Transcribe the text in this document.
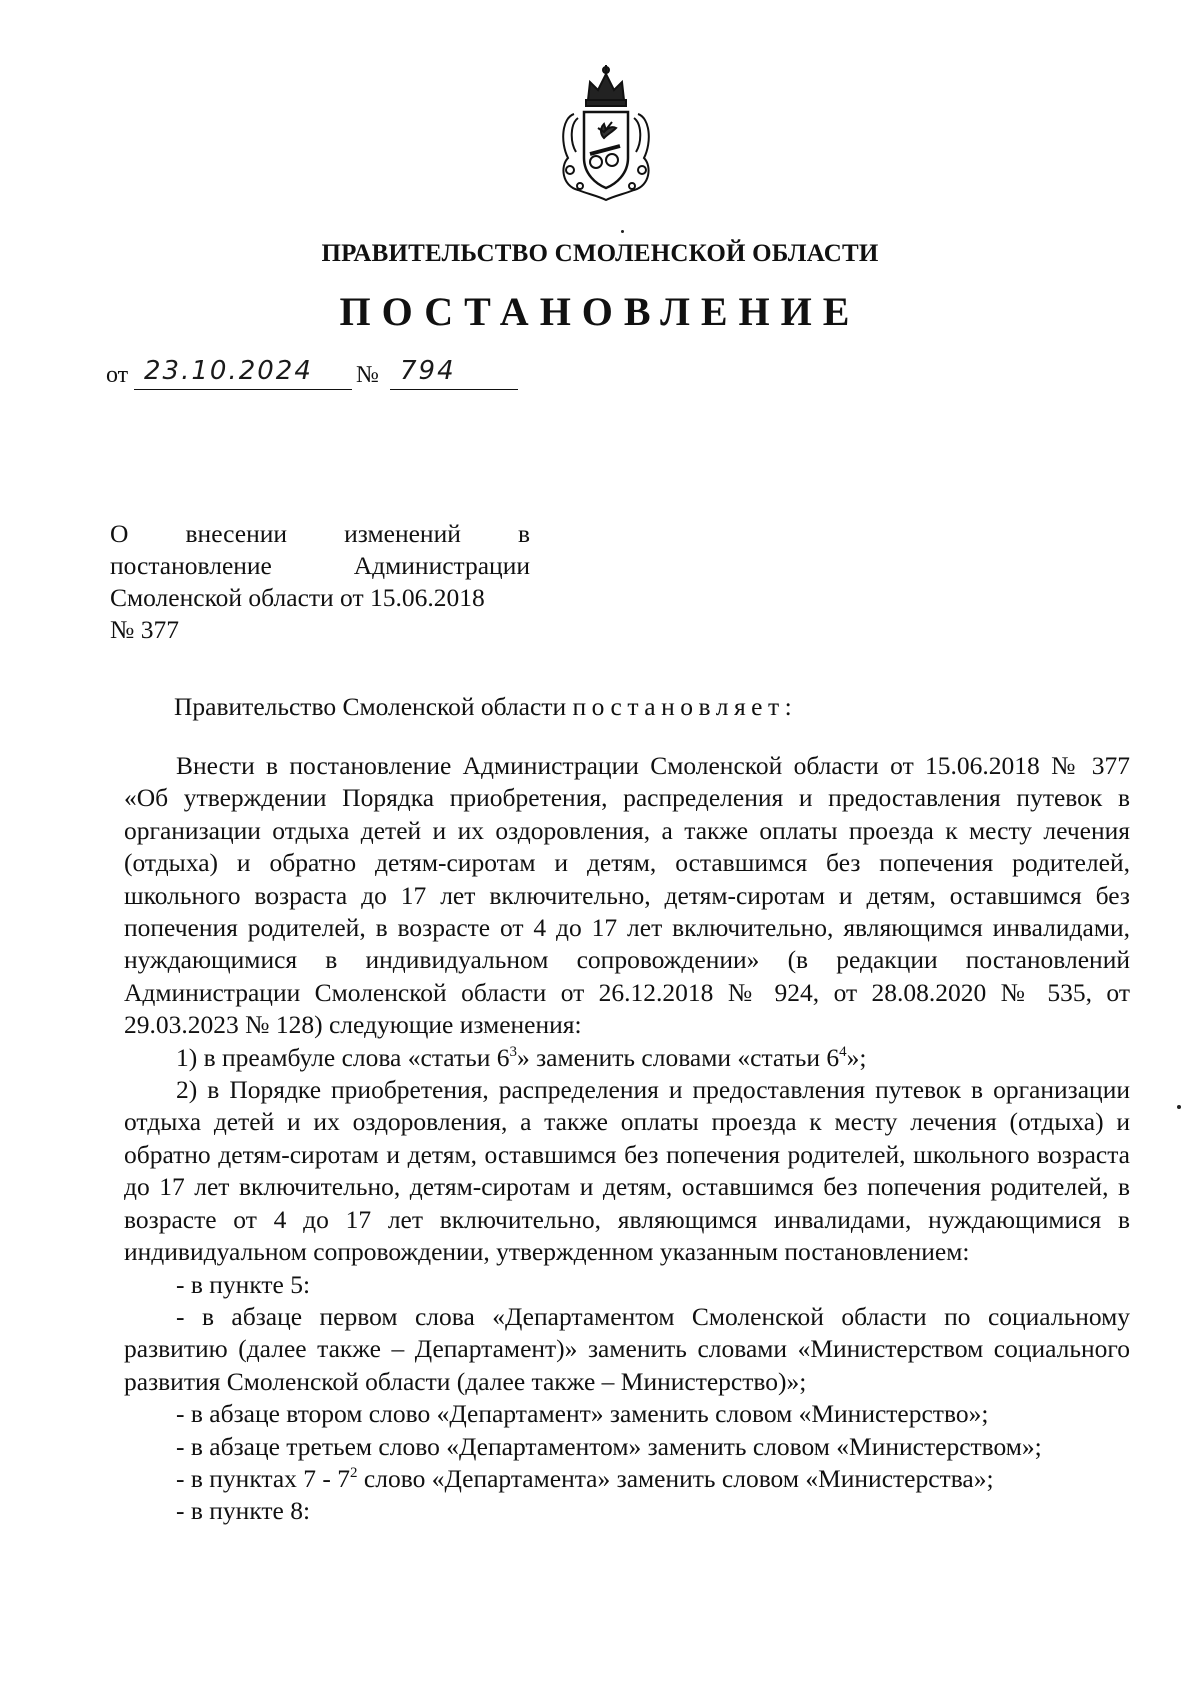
ПРАВИТЕЛЬСТВО СМОЛЕНСКОЙ ОБЛАСТИ
ПОСТАНОВЛЕНИЕ
от 23.10.2024 № 794
О внесении изменений в
постановление	Администрации
Смоленской области от 15.06.2018
№ 377
Правительство Смоленской области постановляет:

Внести в постановление Администрации Смоленской области от 15.06.2018 № 377 «Об утверждении Порядка приобретения, распределения и предоставления путевок в организации отдыха детей и их оздоровления, а также оплаты проезда к месту лечения (отдыха) и обратно детям-сиротам и детям, оставшимся без попечения родителей, школьного возраста до 17 лет включительно, детям-сиротам и детям, оставшимся без попечения родителей, в возрасте от 4 до 17 лет включительно, являющимся инвалидами, нуждающимися в индивидуальном сопровождении» (в редакции постановлений Администрации Смоленской области от 26.12.2018 № 924, от 28.08.2020 № 535, от 29.03.2023 № 128) следующие изменения:

1) в преамбуле слова «статьи $6^3$» заменить словами «статьи $6^4$»;

2) в Порядке приобретения, распределения и предоставления путевок в организации отдыха детей и их оздоровления, а также оплаты проезда к месту лечения (отдыха) и обратно детям-сиротам и детям, оставшимся без попечения родителей, школьного возраста до 17 лет включительно, детям-сиротам и детям, оставшимся без попечения родителей, в возрасте от 4 до 17 лет включительно, являющимся инвалидами, нуждающимися в индивидуальном сопровождении, утвержденном указанным постановлением:

- в пункте 5:

- в абзаце первом слова «Департаментом Смоленской области по социальному развитию (далее также – Департамент)» заменить словами «Министерством социального развития Смоленской области (далее также – Министерство)»;

- в абзаце втором слово «Департамент» заменить словом «Министерство»;

- в абзаце третьем слово «Департаментом» заменить словом «Министерством»;

- в пунктах $7 - 7^2$ слово «Департамента» заменить словом «Министерства»;

- в пункте 8:
